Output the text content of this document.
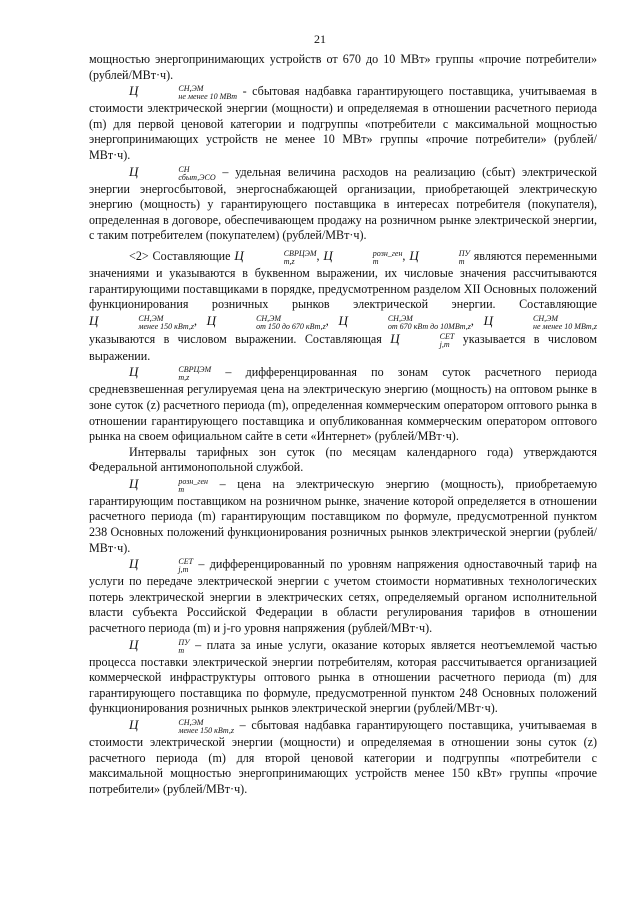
21

мощностью энергопринимающих устройств от 670 до 10 МВт» группы «прочие потребители» (рублей/МВт·ч).

Ц	СН,ЭМ
не менее 10 МВт - сбытовая надбавка гарантирующего поставщика, учитываемая в стоимости электрической энергии (мощности) и определяемая в отношении расчетного периода (m) для первой ценовой категории и подгруппы «потребители с максимальной мощностью энергопринимающих устройств не менее 10 МВт» группы «прочие потребители» (рублей/МВт·ч).

Ц	СН
сбыт,ЭСО – удельная величина расходов на реализацию (сбыт) электрической энергии энергосбытовой, энергоснабжающей организации, приобретающей электрическую энергию (мощность) у гарантирующего поставщика в интересах потребителя (покупателя), определенная в договоре, обеспечивающем продажу на розничном рынке электрической энергии, с таким потребителем (покупателем) (рублей/МВт·ч).

<2> Составляющие Ц	СВРЦЭМ
m,z	, Ц	розн_ген
m	, Ц	ПУ
m являются переменными значениями и указываются в буквенном выражении, их числовые значения рассчитываются гарантирующими поставщиками в порядке, предусмотренном разделом XII Основных положений функционирования розничных рынков электрической энергии. Составляющие Ц	СН,ЭМ
менее 150 кВт,z , Ц	СН,ЭМ
от 150 до 670 кВт,z , Ц	СН,ЭМ
от 670 кВт до 10МВт,z , Ц	СН,ЭМ
не менее 10 МВт,z
указываются в числовом выражении. Составляющая Ц	СЕТ
j,m указывается в числовом выражении.

Ц	СВРЦЭМ
m,z	– дифференцированная по зонам суток расчетного периода средневзвешенная регулируемая цена на электрическую энергию (мощность) на оптовом рынке в зоне суток (z) расчетного периода (m), определенная коммерческим оператором оптового рынка в отношении гарантирующего поставщика и опубликованная коммерческим оператором оптового рынка на своем официальном сайте в сети «Интернет» (рублей/МВт·ч).

Интервалы тарифных зон суток (по месяцам календарного года) утверждаются Федеральной антимонопольной службой.

Ц	розн_ген
m	– цена на электрическую энергию (мощность), приобретаемую гарантирующим поставщиком на розничном рынке, значение которой определяется в отношении расчетного периода (m) гарантирующим поставщиком по формуле, предусмотренной пунктом 238 Основных положений функционирования розничных рынков электрической энергии (рублей/МВт·ч).

Ц	СЕТ
j,m – дифференцированный по уровням напряжения одноставочный тариф на услуги по передаче электрической энергии с учетом стоимости нормативных технологических потерь электрической энергии в электрических сетях, определяемый органом исполнительной власти субъекта Российской Федерации в области регулирования тарифов в отношении расчетного периода (m) и j-го уровня напряжения (рублей/МВт·ч).

Ц	ПУ
m – плата за иные услуги, оказание которых является неотъемлемой частью процесса поставки электрической энергии потребителям, которая рассчитывается организацией коммерческой инфраструктуры оптового рынка в отношении расчетного периода (m) для гарантирующего поставщика по формуле, предусмотренной пунктом 248 Основных положений функционирования розничных рынков электрической энергии (рублей/МВт·ч).

Ц	СН,ЭМ
менее 150 кВт,z – сбытовая надбавка гарантирующего поставщика, учитываемая в стоимости электрической энергии (мощности) и определяемая в отношении зоны суток (z) расчетного периода (m) для второй ценовой категории и подгруппы «потребители с максимальной мощностью энергопринимающих устройств менее 150 кВт» группы «прочие потребители» (рублей/МВт·ч).
